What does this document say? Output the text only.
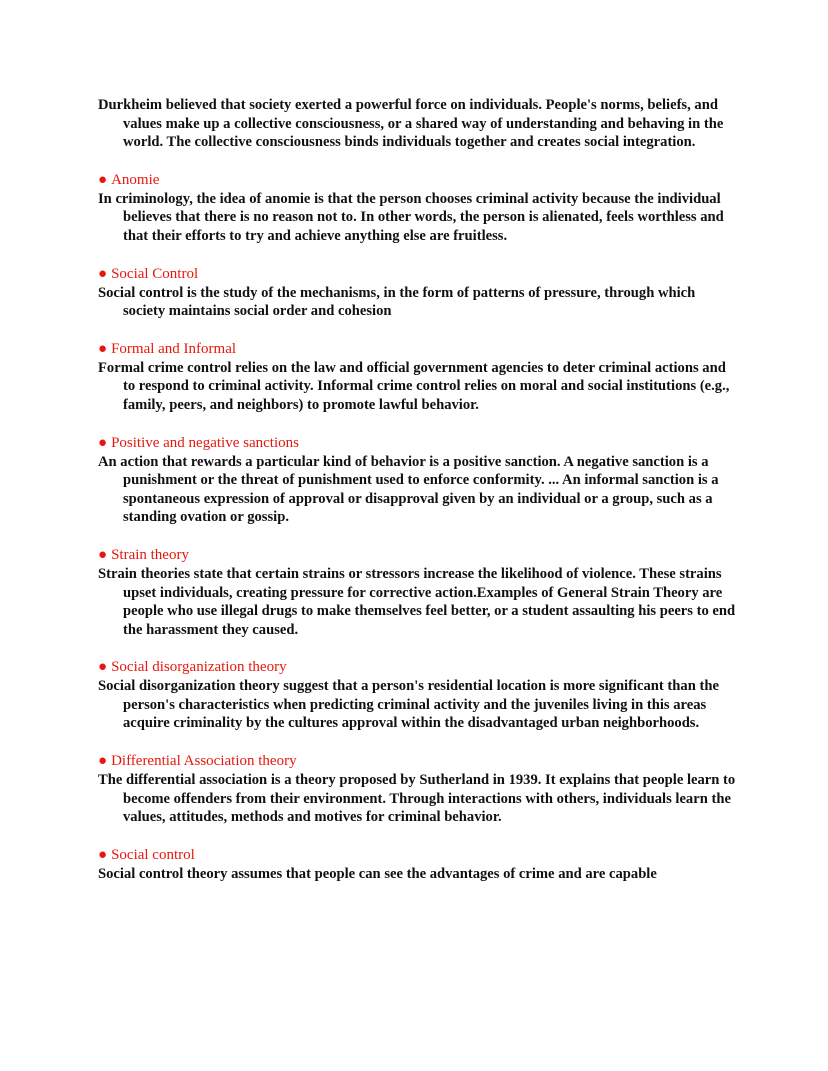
Durkheim believed that society exerted a powerful force on individuals. People's norms, beliefs, and values make up a collective consciousness, or a shared way of understanding and behaving in the world. The collective consciousness binds individuals together and creates social integration.

● Anomie

In criminology, the idea of anomie is that the person chooses criminal activity because the individual believes that there is no reason not to. In other words, the person is alienated, feels worthless and that their efforts to try and achieve anything else are fruitless.

● Social Control

Social control is the study of the mechanisms, in the form of patterns of pressure, through which society maintains social order and cohesion

● Formal and Informal

Formal crime control relies on the law and official government agencies to deter criminal actions and to respond to criminal activity. Informal crime control relies on moral and social institutions (e.g., family, peers, and neighbors) to promote lawful behavior.

● Positive and negative sanctions

An action that rewards a particular kind of behavior is a positive sanction. A negative sanction is a punishment or the threat of punishment used to enforce conformity. ... An informal sanction is a spontaneous expression of approval or disapproval given by an individual or a group, such as a standing ovation or gossip.

● Strain theory

Strain theories state that certain strains or stressors increase the likelihood of violence. These strains upset individuals, creating pressure for corrective action.Examples of General Strain Theory are people who use illegal drugs to make themselves feel better, or a student assaulting his peers to end the harassment they caused.

● Social disorganization theory

Social disorganization theory suggest that a person's residential location is more significant than the person's characteristics when predicting criminal activity and the juveniles living in this areas acquire criminality by the cultures approval within the disadvantaged urban neighborhoods.

● Differential Association theory

The differential association is a theory proposed by Sutherland in 1939. It explains that people learn to become offenders from their environment. Through interactions with others, individuals learn the values, attitudes, methods and motives for criminal behavior.

● Social control

Social control theory assumes that people can see the advantages of crime and are capable
